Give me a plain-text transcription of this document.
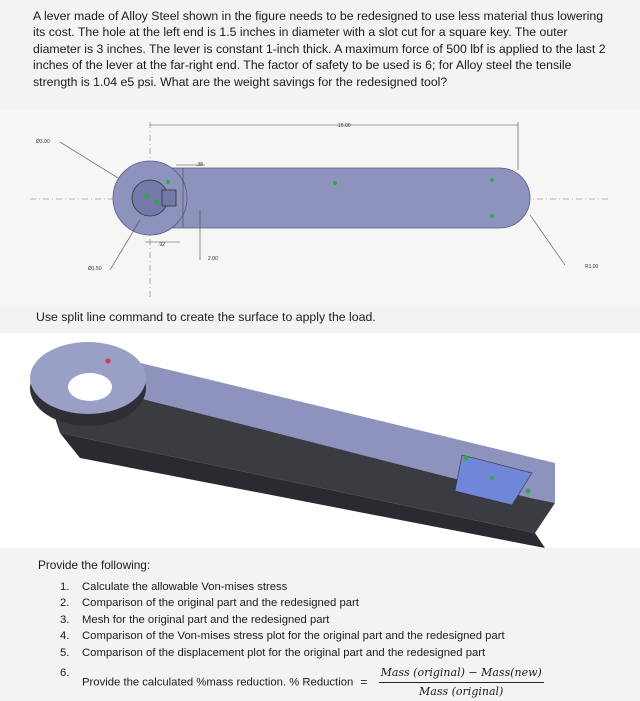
A lever made of Alloy Steel shown in the figure needs to be redesigned to use less material thus lowering its cost. The hole at the left end is 1.5 inches in diameter with a slot cut for a square key. The outer diameter is 3 inches. The lever is constant 1-inch thick. A maximum force of 500 lbf is applied to the last 2 inches of the lever at the far-right end. The factor of safety to be used is 6; for Alloy steel the tensile strength is 1.04 e5 psi. What are the weight savings for the redesigned tool?

15.00
Ø3.00
.38
.92
2.00
Ø1.50	R1.00

Use split line command to create the surface to apply the load.

Provide the following:

1. Calculate the allowable Von-mises stress
2. Comparison of the original part and the redesigned part
3. Mesh for the original part and the redesigned part
4. Comparison of the Von-mises stress plot for the original part and the redesigned part
5. Comparison of the displacement plot for the original part and the redesigned part
6.
Provide the calculated %mass reduction. % Reduction = $\frac{\text{Mass (original) − Mass(new)}}{\text{Mass (original)}}$
